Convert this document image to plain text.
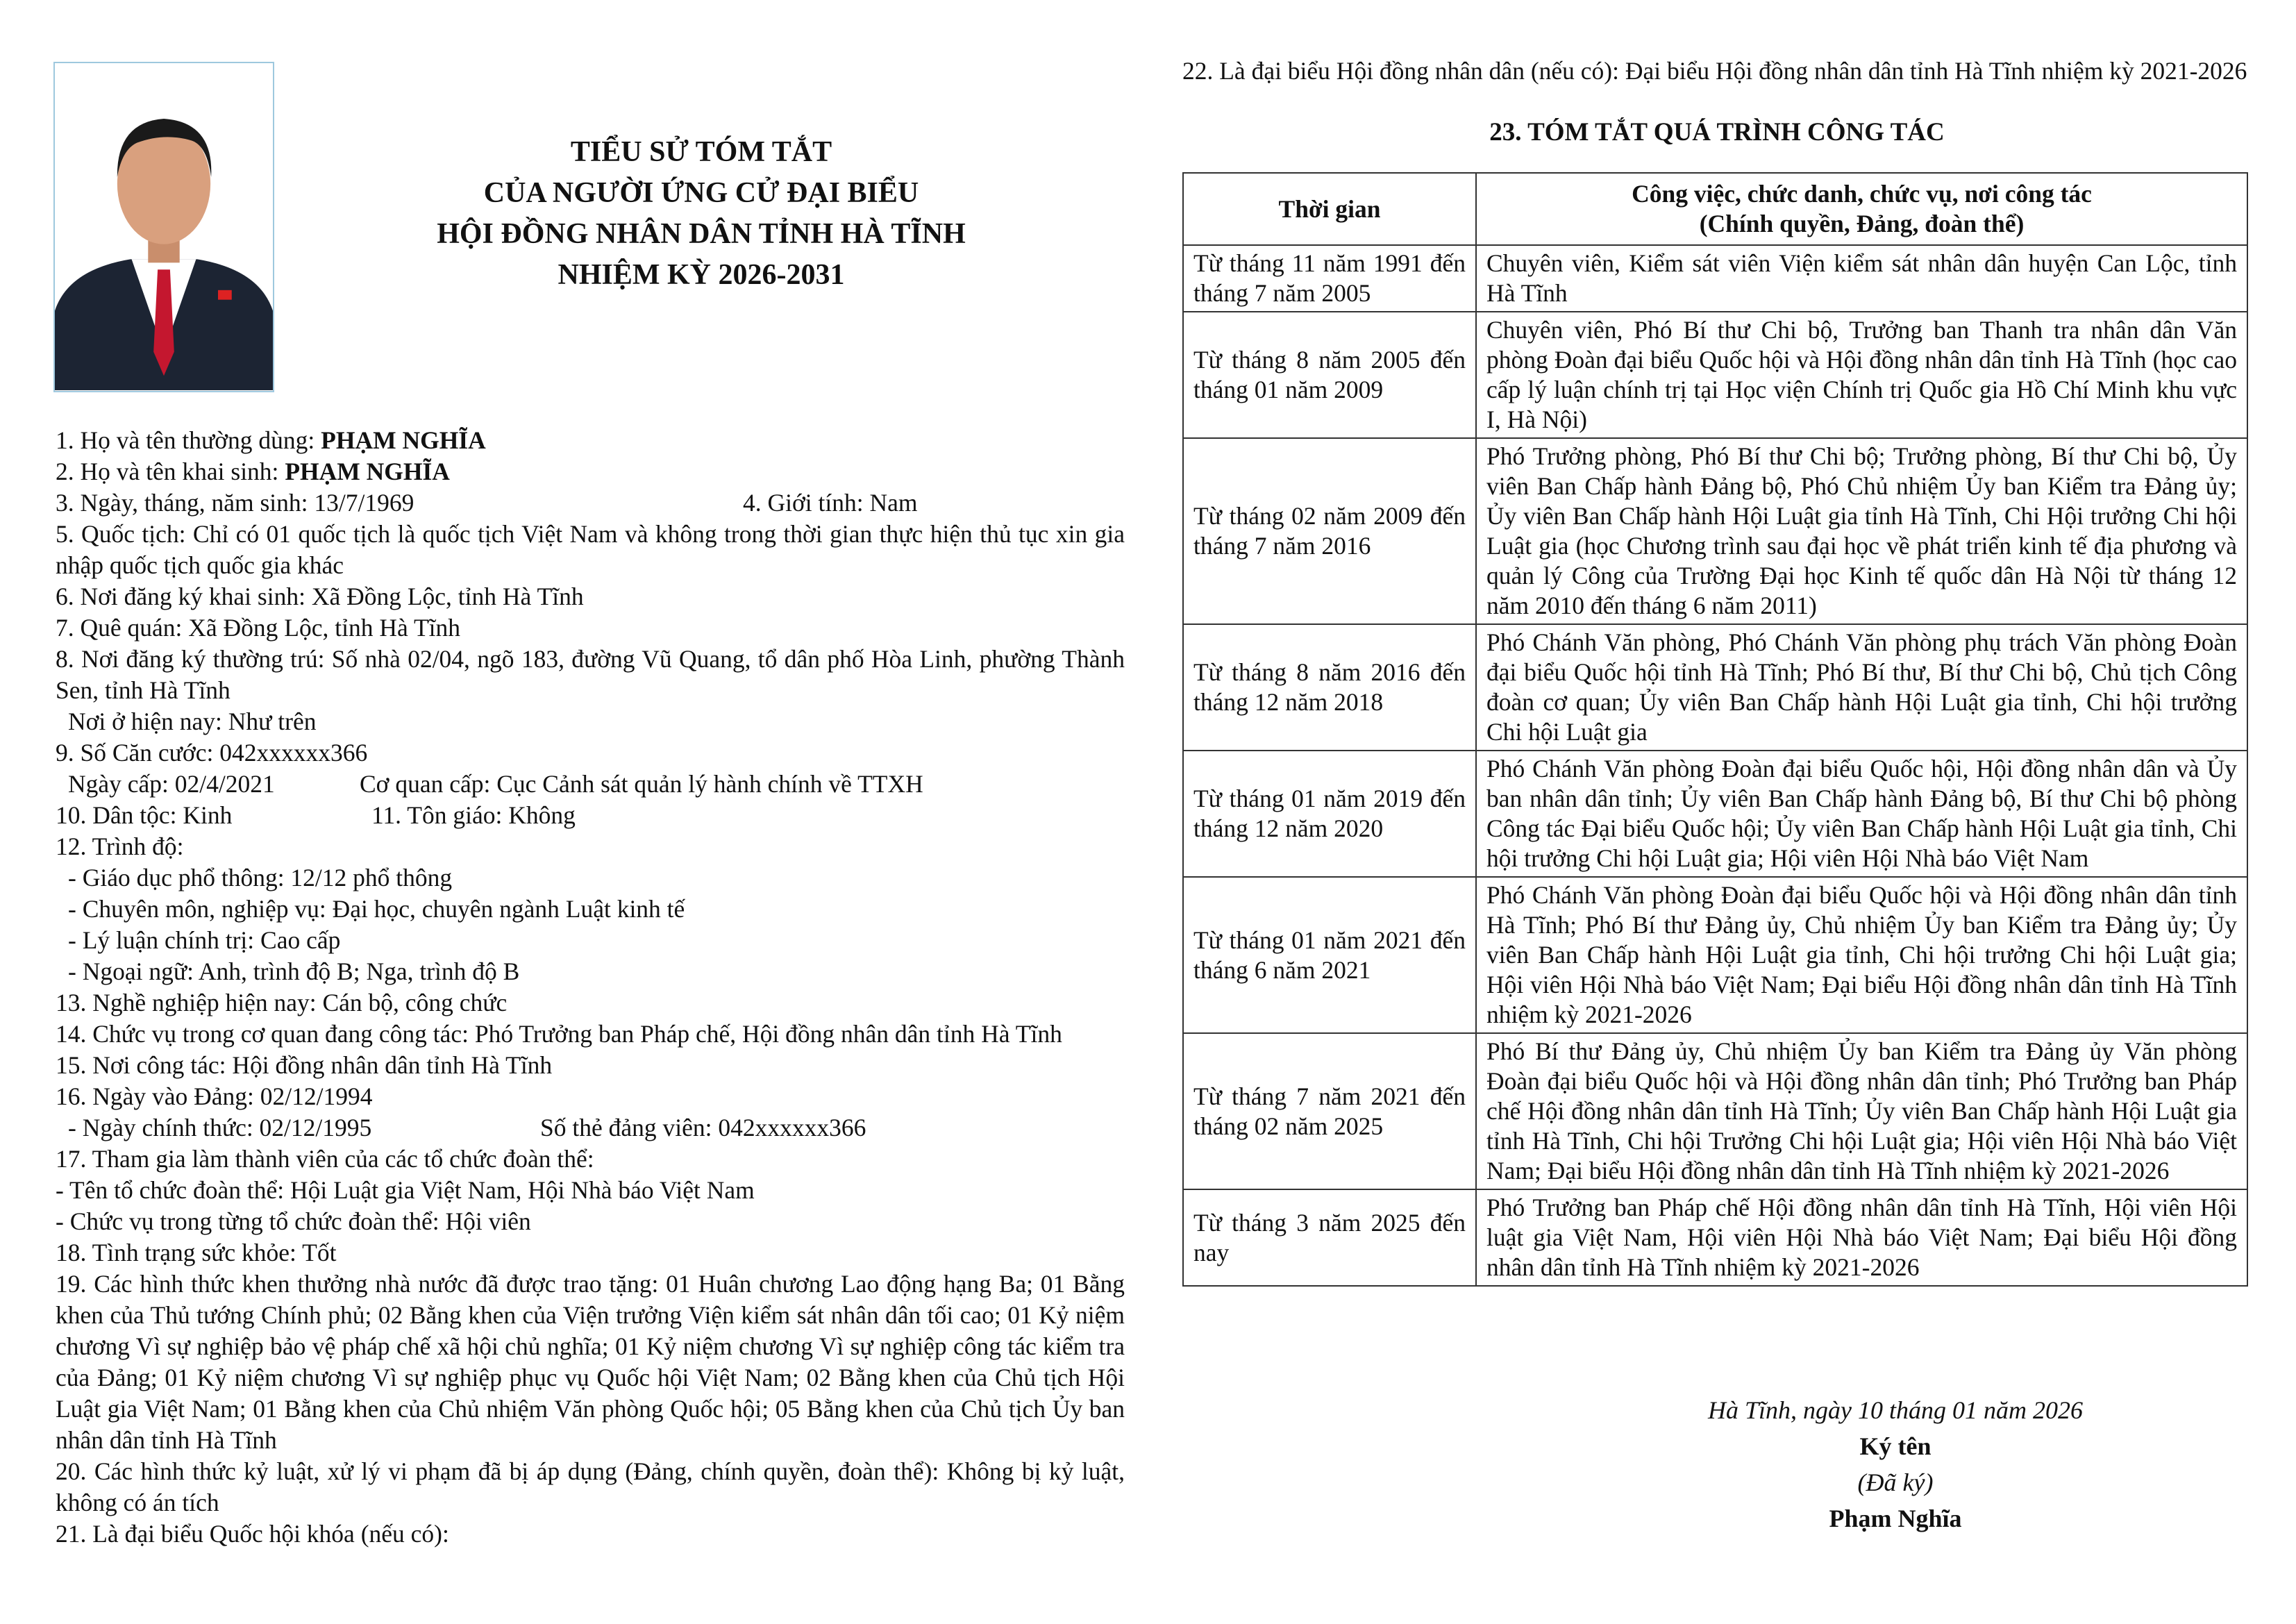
TIỂU SỬ TÓM TẮT
CỦA NGƯỜI ỨNG CỬ ĐẠI BIỂU
HỘI ĐỒNG NHÂN DÂN TỈNH HÀ TĨNH
NHIỆM KỲ 2026-2031
1. Họ và tên thường dùng: PHẠM NGHĨA
2. Họ và tên khai sinh: PHẠM NGHĨA
3. Ngày, tháng, năm sinh: 13/7/1969	4. Giới tính: Nam
5. Quốc tịch: Chỉ có 01 quốc tịch là quốc tịch Việt Nam và không trong thời gian thực hiện thủ tục xin gia nhập quốc tịch quốc gia khác
6. Nơi đăng ký khai sinh: Xã Đồng Lộc, tỉnh Hà Tĩnh
7. Quê quán: Xã Đồng Lộc, tỉnh Hà Tĩnh
8. Nơi đăng ký thường trú: Số nhà 02/04, ngõ 183, đường Vũ Quang, tổ dân phố Hòa Linh, phường Thành Sen, tỉnh Hà Tĩnh
Nơi ở hiện nay: Như trên
9. Số Căn cước: 042xxxxxx366
Ngày cấp: 02/4/2021	Cơ quan cấp: Cục Cảnh sát quản lý hành chính về TTXH
10. Dân tộc: Kinh	11. Tôn giáo: Không
12. Trình độ:
- Giáo dục phổ thông: 12/12 phổ thông
- Chuyên môn, nghiệp vụ: Đại học, chuyên ngành Luật kinh tế
- Lý luận chính trị: Cao cấp
- Ngoại ngữ: Anh, trình độ B; Nga, trình độ B
13. Nghề nghiệp hiện nay: Cán bộ, công chức
14. Chức vụ trong cơ quan đang công tác: Phó Trưởng ban Pháp chế, Hội đồng nhân dân tỉnh Hà Tĩnh
15. Nơi công tác: Hội đồng nhân dân tỉnh Hà Tĩnh
16. Ngày vào Đảng: 02/12/1994
- Ngày chính thức: 02/12/1995	Số thẻ đảng viên: 042xxxxxx366
17. Tham gia làm thành viên của các tổ chức đoàn thể:
- Tên tổ chức đoàn thể: Hội Luật gia Việt Nam, Hội Nhà báo Việt Nam
- Chức vụ trong từng tổ chức đoàn thể: Hội viên
18. Tình trạng sức khỏe: Tốt
19. Các hình thức khen thưởng nhà nước đã được trao tặng: 01 Huân chương Lao động hạng Ba; 01 Bằng khen của Thủ tướng Chính phủ; 02 Bằng khen của Viện trưởng Viện kiểm sát nhân dân tối cao; 01 Kỷ niệm chương Vì sự nghiệp bảo vệ pháp chế xã hội chủ nghĩa; 01 Kỷ niệm chương Vì sự nghiệp công tác kiểm tra của Đảng; 01 Kỷ niệm chương Vì sự nghiệp phục vụ Quốc hội Việt Nam; 02 Bằng khen của Chủ tịch Hội Luật gia Việt Nam; 01 Bằng khen của Chủ nhiệm Văn phòng Quốc hội; 05 Bằng khen của Chủ tịch Ủy ban nhân dân tỉnh Hà Tĩnh
20. Các hình thức kỷ luật, xử lý vi phạm đã bị áp dụng (Đảng, chính quyền, đoàn thể): Không bị kỷ luật, không có án tích
21. Là đại biểu Quốc hội khóa (nếu có):
22. Là đại biểu Hội đồng nhân dân (nếu có): Đại biểu Hội đồng nhân dân tỉnh Hà Tĩnh nhiệm kỳ 2021-2026
23. TÓM TẮT QUÁ TRÌNH CÔNG TÁC
Thời gian	Công việc, chức danh, chức vụ, nơi công tác
(Chính quyền, Đảng, đoàn thể)

Từ tháng 11 năm 1991 đến tháng 7 năm 2005	Chuyên viên, Kiểm sát viên Viện kiểm sát nhân dân huyện Can Lộc, tỉnh Hà Tĩnh
Từ tháng 8 năm 2005 đến tháng 01 năm 2009	Chuyên viên, Phó Bí thư Chi bộ, Trưởng ban Thanh tra nhân dân Văn phòng Đoàn đại biểu Quốc hội và Hội đồng nhân dân tỉnh Hà Tĩnh (học cao cấp lý luận chính trị tại Học viện Chính trị Quốc gia Hồ Chí Minh khu vực I, Hà Nội)
Từ tháng 02 năm 2009 đến tháng 7 năm 2016	Phó Trưởng phòng, Phó Bí thư Chi bộ; Trưởng phòng, Bí thư Chi bộ, Ủy viên Ban Chấp hành Đảng bộ, Phó Chủ nhiệm Ủy ban Kiểm tra Đảng ủy; Ủy viên Ban Chấp hành Hội Luật gia tỉnh Hà Tĩnh, Chi Hội trưởng Chi hội Luật gia (học Chương trình sau đại học về phát triển kinh tế địa phương và quản lý Công của Trường Đại học Kinh tế quốc dân Hà Nội từ tháng 12 năm 2010 đến tháng 6 năm 2011)
Từ tháng 8 năm 2016 đến tháng 12 năm 2018	Phó Chánh Văn phòng, Phó Chánh Văn phòng phụ trách Văn phòng Đoàn đại biểu Quốc hội tỉnh Hà Tĩnh; Phó Bí thư, Bí thư Chi bộ, Chủ tịch Công đoàn cơ quan; Ủy viên Ban Chấp hành Hội Luật gia tỉnh, Chi hội trưởng Chi hội Luật gia
Từ tháng 01 năm 2019 đến tháng 12 năm 2020	Phó Chánh Văn phòng Đoàn đại biểu Quốc hội, Hội đồng nhân dân và Ủy ban nhân dân tỉnh; Ủy viên Ban Chấp hành Đảng bộ, Bí thư Chi bộ phòng Công tác Đại biểu Quốc hội; Ủy viên Ban Chấp hành Hội Luật gia tỉnh, Chi hội trưởng Chi hội Luật gia; Hội viên Hội Nhà báo Việt Nam
Từ tháng 01 năm 2021 đến tháng 6 năm 2021	Phó Chánh Văn phòng Đoàn đại biểu Quốc hội và Hội đồng nhân dân tỉnh Hà Tĩnh; Phó Bí thư Đảng ủy, Chủ nhiệm Ủy ban Kiểm tra Đảng ủy; Ủy viên Ban Chấp hành Hội Luật gia tỉnh, Chi hội trưởng Chi hội Luật gia; Hội viên Hội Nhà báo Việt Nam; Đại biểu Hội đồng nhân dân tỉnh Hà Tĩnh nhiệm kỳ 2021-2026
Từ tháng 7 năm 2021 đến tháng 02 năm 2025	Phó Bí thư Đảng ủy, Chủ nhiệm Ủy ban Kiểm tra Đảng ủy Văn phòng Đoàn đại biểu Quốc hội và Hội đồng nhân dân tỉnh; Phó Trưởng ban Pháp chế Hội đồng nhân dân tỉnh Hà Tĩnh; Ủy viên Ban Chấp hành Hội Luật gia tỉnh Hà Tĩnh, Chi hội Trưởng Chi hội Luật gia; Hội viên Hội Nhà báo Việt Nam; Đại biểu Hội đồng nhân dân tỉnh Hà Tĩnh nhiệm kỳ 2021-2026
Từ tháng 3 năm 2025 đến nay	Phó Trưởng ban Pháp chế Hội đồng nhân dân tỉnh Hà Tĩnh, Hội viên Hội luật gia Việt Nam, Hội viên Hội Nhà báo Việt Nam; Đại biểu Hội đồng nhân dân tỉnh Hà Tĩnh nhiệm kỳ 2021-2026
Hà Tĩnh, ngày 10 tháng 01 năm 2026
Ký tên
(Đã ký)
Phạm Nghĩa
